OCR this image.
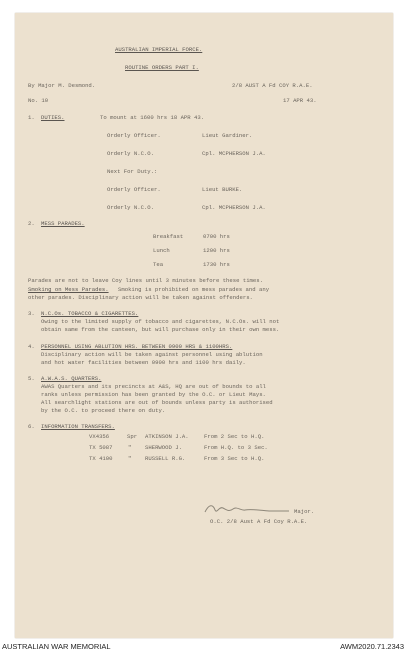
AUSTRALIAN IMPERIAL FORCE.
ROUTINE ORDERS PART I.
By Major M. Desmond.	2/8 AUST A Fd COY R.A.E.
No. 10	17 APR 43.
1. DUTIES.	To mount at 1600 hrs 18 APR 43.
Orderly Officer.	Lieut Gardiner.
Orderly N.C.O.	Cpl. MCPHERSON J.A.
Next For Duty.:
Orderly Officer.	Lieut BURKE.
Orderly N.C.O.	Cpl. MCPHERSON J.A.
2. MESS PARADES.
Breakfast	0700 hrs
Lunch	1200 hrs
Tea	1730 hrs
Parades are not to leave Coy lines until 3 minutes before these times.
Smoking on Mess Parades. Smoking is prohibited on mess parades and any
other parades. Disciplinary action will be taken against offenders.
3. N.C.Os. TOBACCO & CIGARETTES.
Owing to the limited supply of tobacco and cigarettes, N.C.Os. will not
obtain same from the canteen, but will purchase only in their own mess.
4. PERSONNEL USING ABLUTION HRS. BETWEEN 0900 HRS & 1100HRS.
Disciplinary action will be taken against personnel using ablution
and hot water facilities between 0900 hrs and 1100 hrs daily.
5. A.W.A.S. QUARTERS.
AWAS Quarters and its precincts at A&S, HQ are out of bounds to all
ranks unless permission has been granted by the O.C. or Lieut Mays.
All searchlight stations are out of bounds unless party is authorised
by the O.C. to proceed there on duty.
6. INFORMATION TRANSFERS.
VX4356	Spr ATKINSON J.A.	From 2 Sec to H.Q.
TX 5087	" SHERWOOD J.	From H.Q. to 3 Sec.
TX 4100	" RUSSELL R.G.	From 3 Sec to H.Q.
Major.
O.C. 2/8 Aust A Fd Coy R.A.E.
AUSTRALIAN WAR MEMORIAL	AWM2020.71.2343
